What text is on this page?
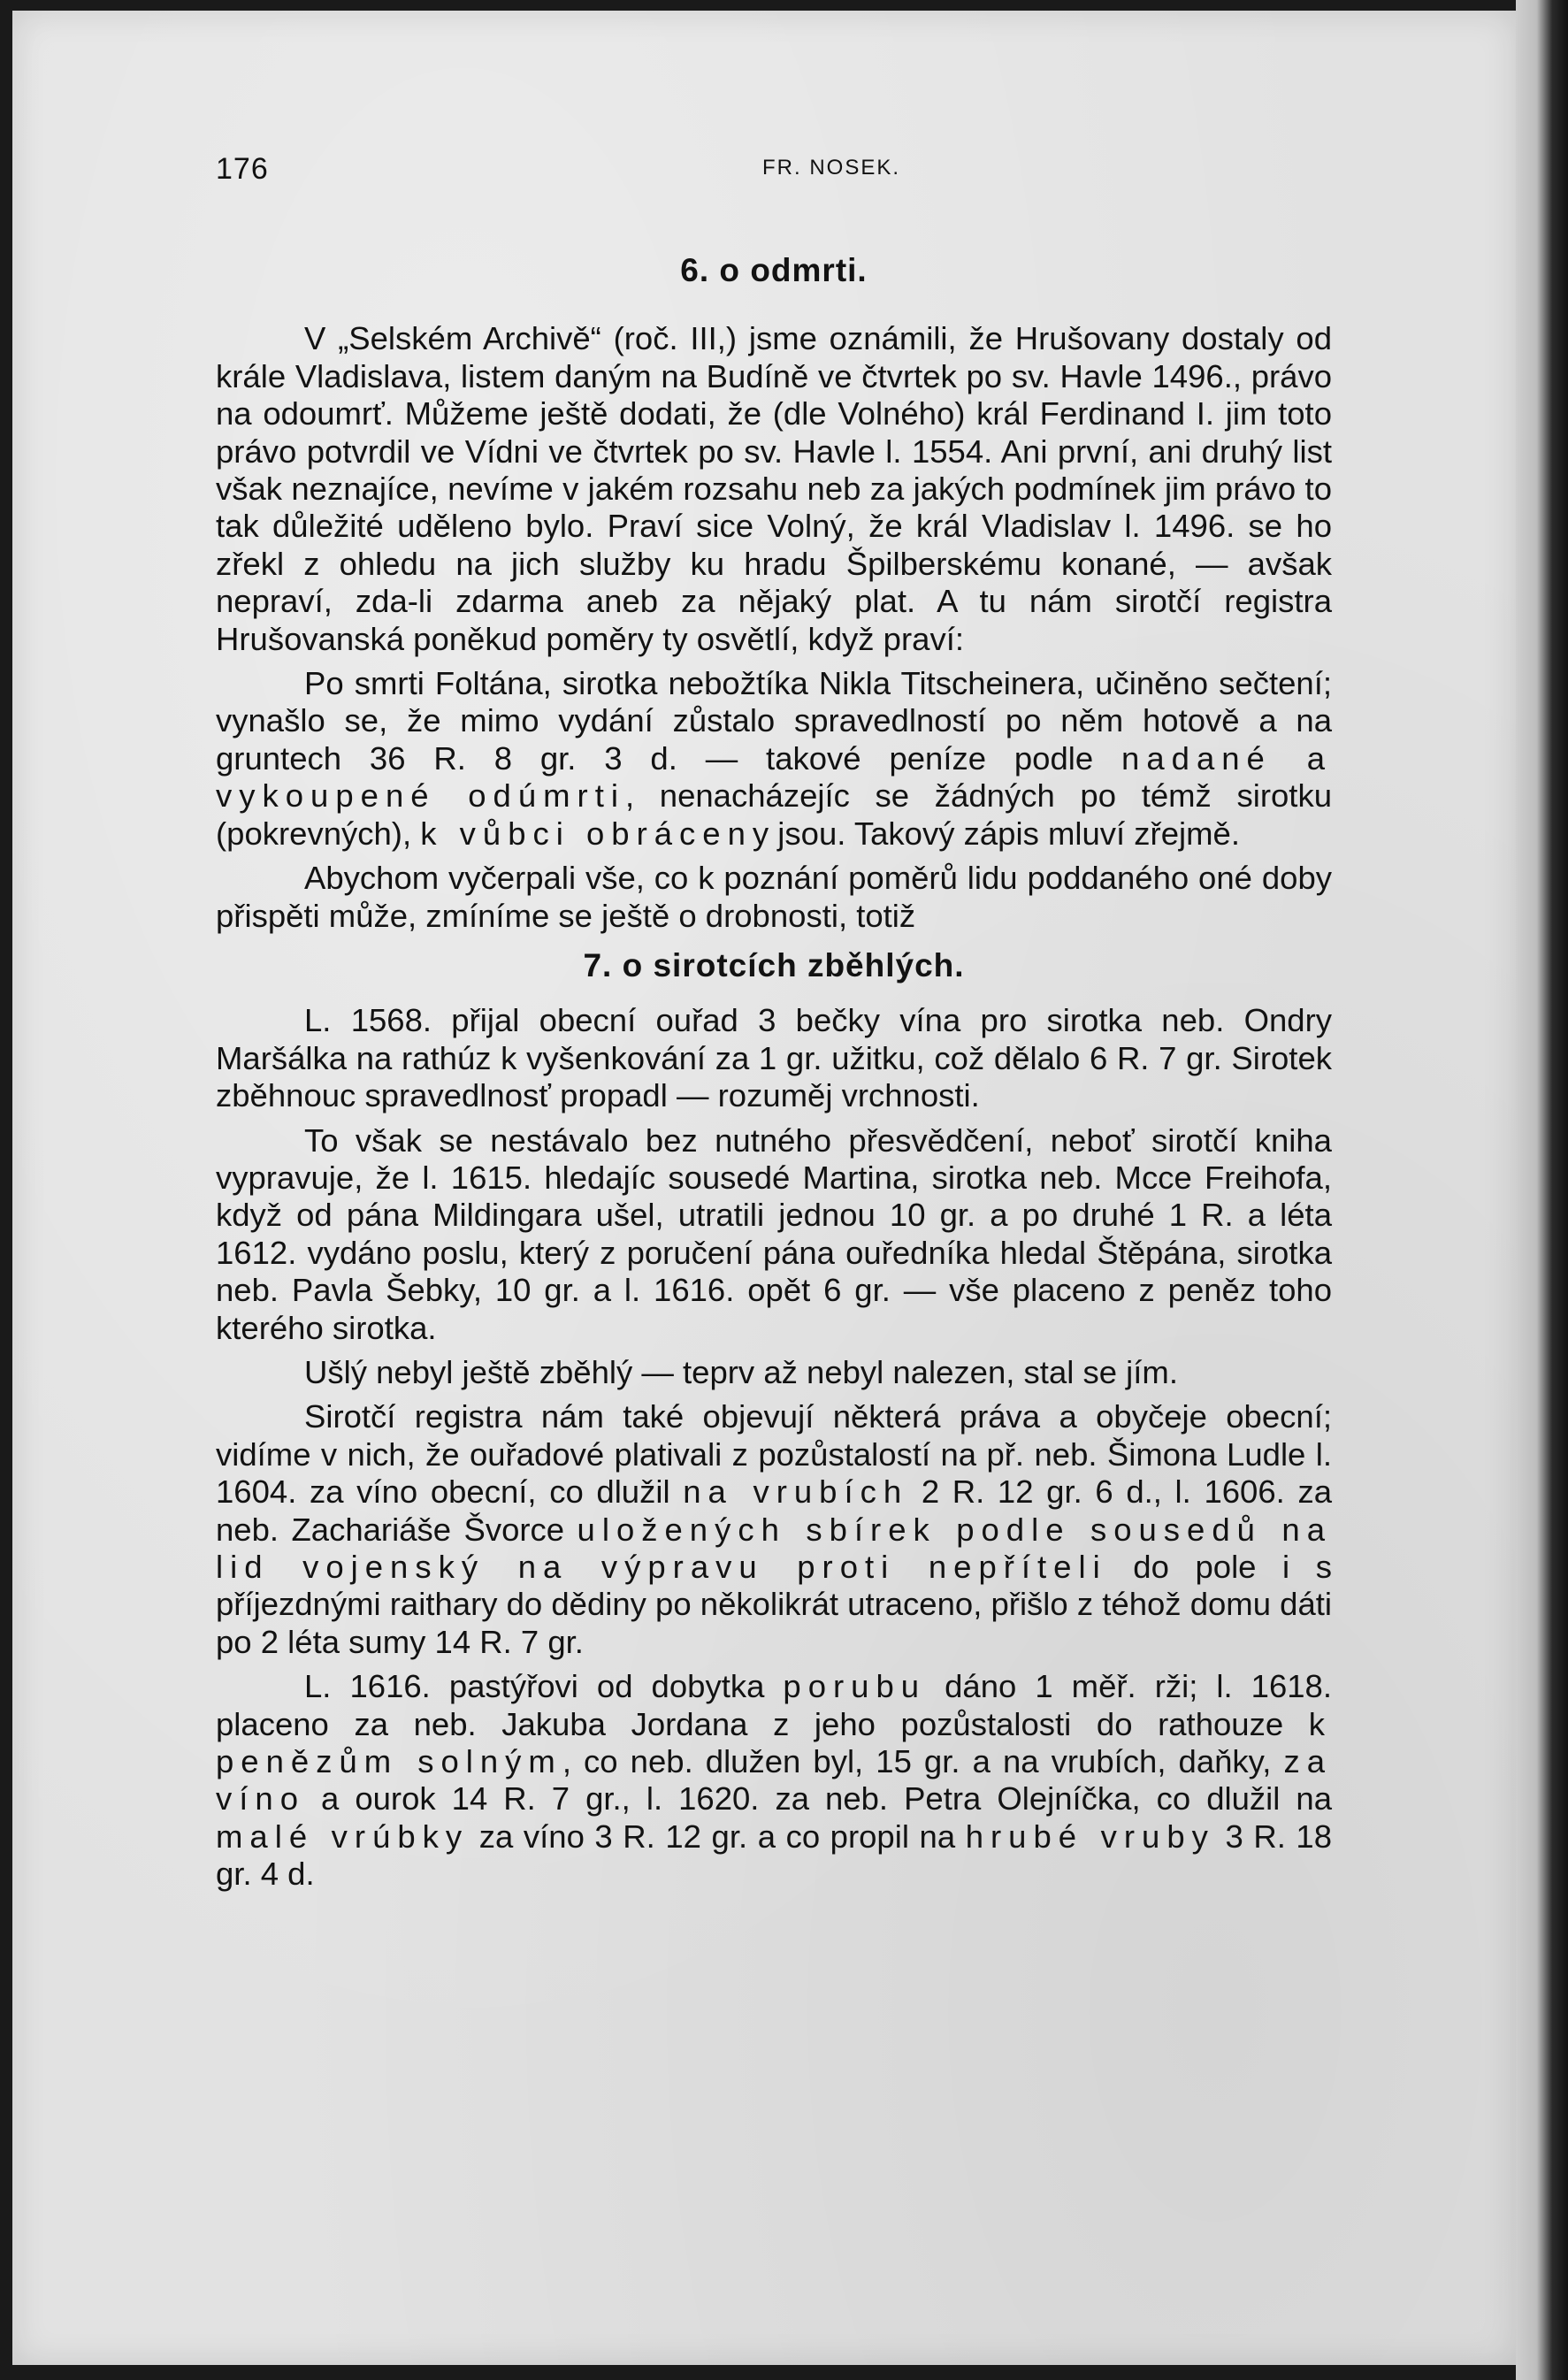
176	FR. NOSEK.

6. o odmrti.

V „Selském Archivě“ (roč. III,) jsme oznámili, že Hrušovany dostaly od krále Vladislava, listem daným na Budíně ve čtvrtek po sv. Havle 1496., právo na odoumrť. Můžeme ještě dodati, že (dle Volného) král Ferdinand I. jim toto právo potvrdil ve Vídni ve čtvrtek po sv. Havle l. 1554. Ani první, ani druhý list však neznajíce, nevíme v jakém rozsahu neb za jakých podmínek jim právo to tak důležité uděleno bylo. Praví sice Volný, že král Vladislav l. 1496. se ho zřekl z ohledu na jich služby ku hradu Špilberskému konané, — avšak nepraví, zda-li zdarma aneb za nějaký plat. A tu nám sirotčí registra Hrušovanská poněkud poměry ty osvětlí, když praví:

Po smrti Foltána, sirotka nebožtíka Nikla Titscheinera, učiněno sečtení; vynašlo se, že mimo vydání zůstalo spravedlností po něm hotově a na gruntech 36 R. 8 gr. 3 d. — takové peníze podle nadané a vykoupené odúmrti, nenacházejíc se žádných po témž sirotku (pokrevných), k vůbci obráceny jsou. Takový zápis mluví zřejmě.

Abychom vyčerpali vše, co k poznání poměrů lidu poddaného oné doby přispěti může, zmíníme se ještě o drobnosti, totiž

7. o sirotcích zběhlých.

L. 1568. přijal obecní ouřad 3 bečky vína pro sirotka neb. Ondry Maršálka na rathúz k vyšenkování za 1 gr. užitku, což dělalo 6 R. 7 gr. Sirotek zběhnouc spravedlnosť propadl — rozuměj vrchnosti.

To však se nestávalo bez nutného přesvědčení, neboť sirotčí kniha vypravuje, že l. 1615. hledajíc sousedé Martina, sirotka neb. Mcce Freihofa, když od pána Mildingara ušel, utratili jednou 10 gr. a po druhé 1 R. a léta 1612. vydáno poslu, který z poručení pána ouředníka hledal Štěpána, sirotka neb. Pavla Šebky, 10 gr. a l. 1616. opět 6 gr. — vše placeno z peněz toho kterého sirotka.

Ušlý nebyl ještě zběhlý — teprv až nebyl nalezen, stal se jím.

Sirotčí registra nám také objevují některá práva a obyčeje obecní; vidíme v nich, že ouřadové plativali z pozůstalostí na př. neb. Šimona Ludle l. 1604. za víno obecní, co dlužil na vrubích 2 R. 12 gr. 6 d., l. 1606. za neb. Zachariáše Švorce uložených sbírek podle sousedů na lid vojenský na výpravu proti nepříteli do pole i s příjezdnými raithary do dědiny po několikrát utraceno, přišlo z téhož domu dáti po 2 léta sumy 14 R. 7 gr.

L. 1616. pastýřovi od dobytka porubu dáno 1 měř. rži; l. 1618. placeno za neb. Jakuba Jordana z jeho pozůstalosti do rathouze k penězům solným, co neb. dlužen byl, 15 gr. a na vrubích, daňky, za víno a ourok 14 R. 7 gr., l. 1620. za neb. Petra Olejníčka, co dlužil na malé vrúbky za víno 3 R. 12 gr. a co propil na hrubé vruby 3 R. 18 gr. 4 d.
